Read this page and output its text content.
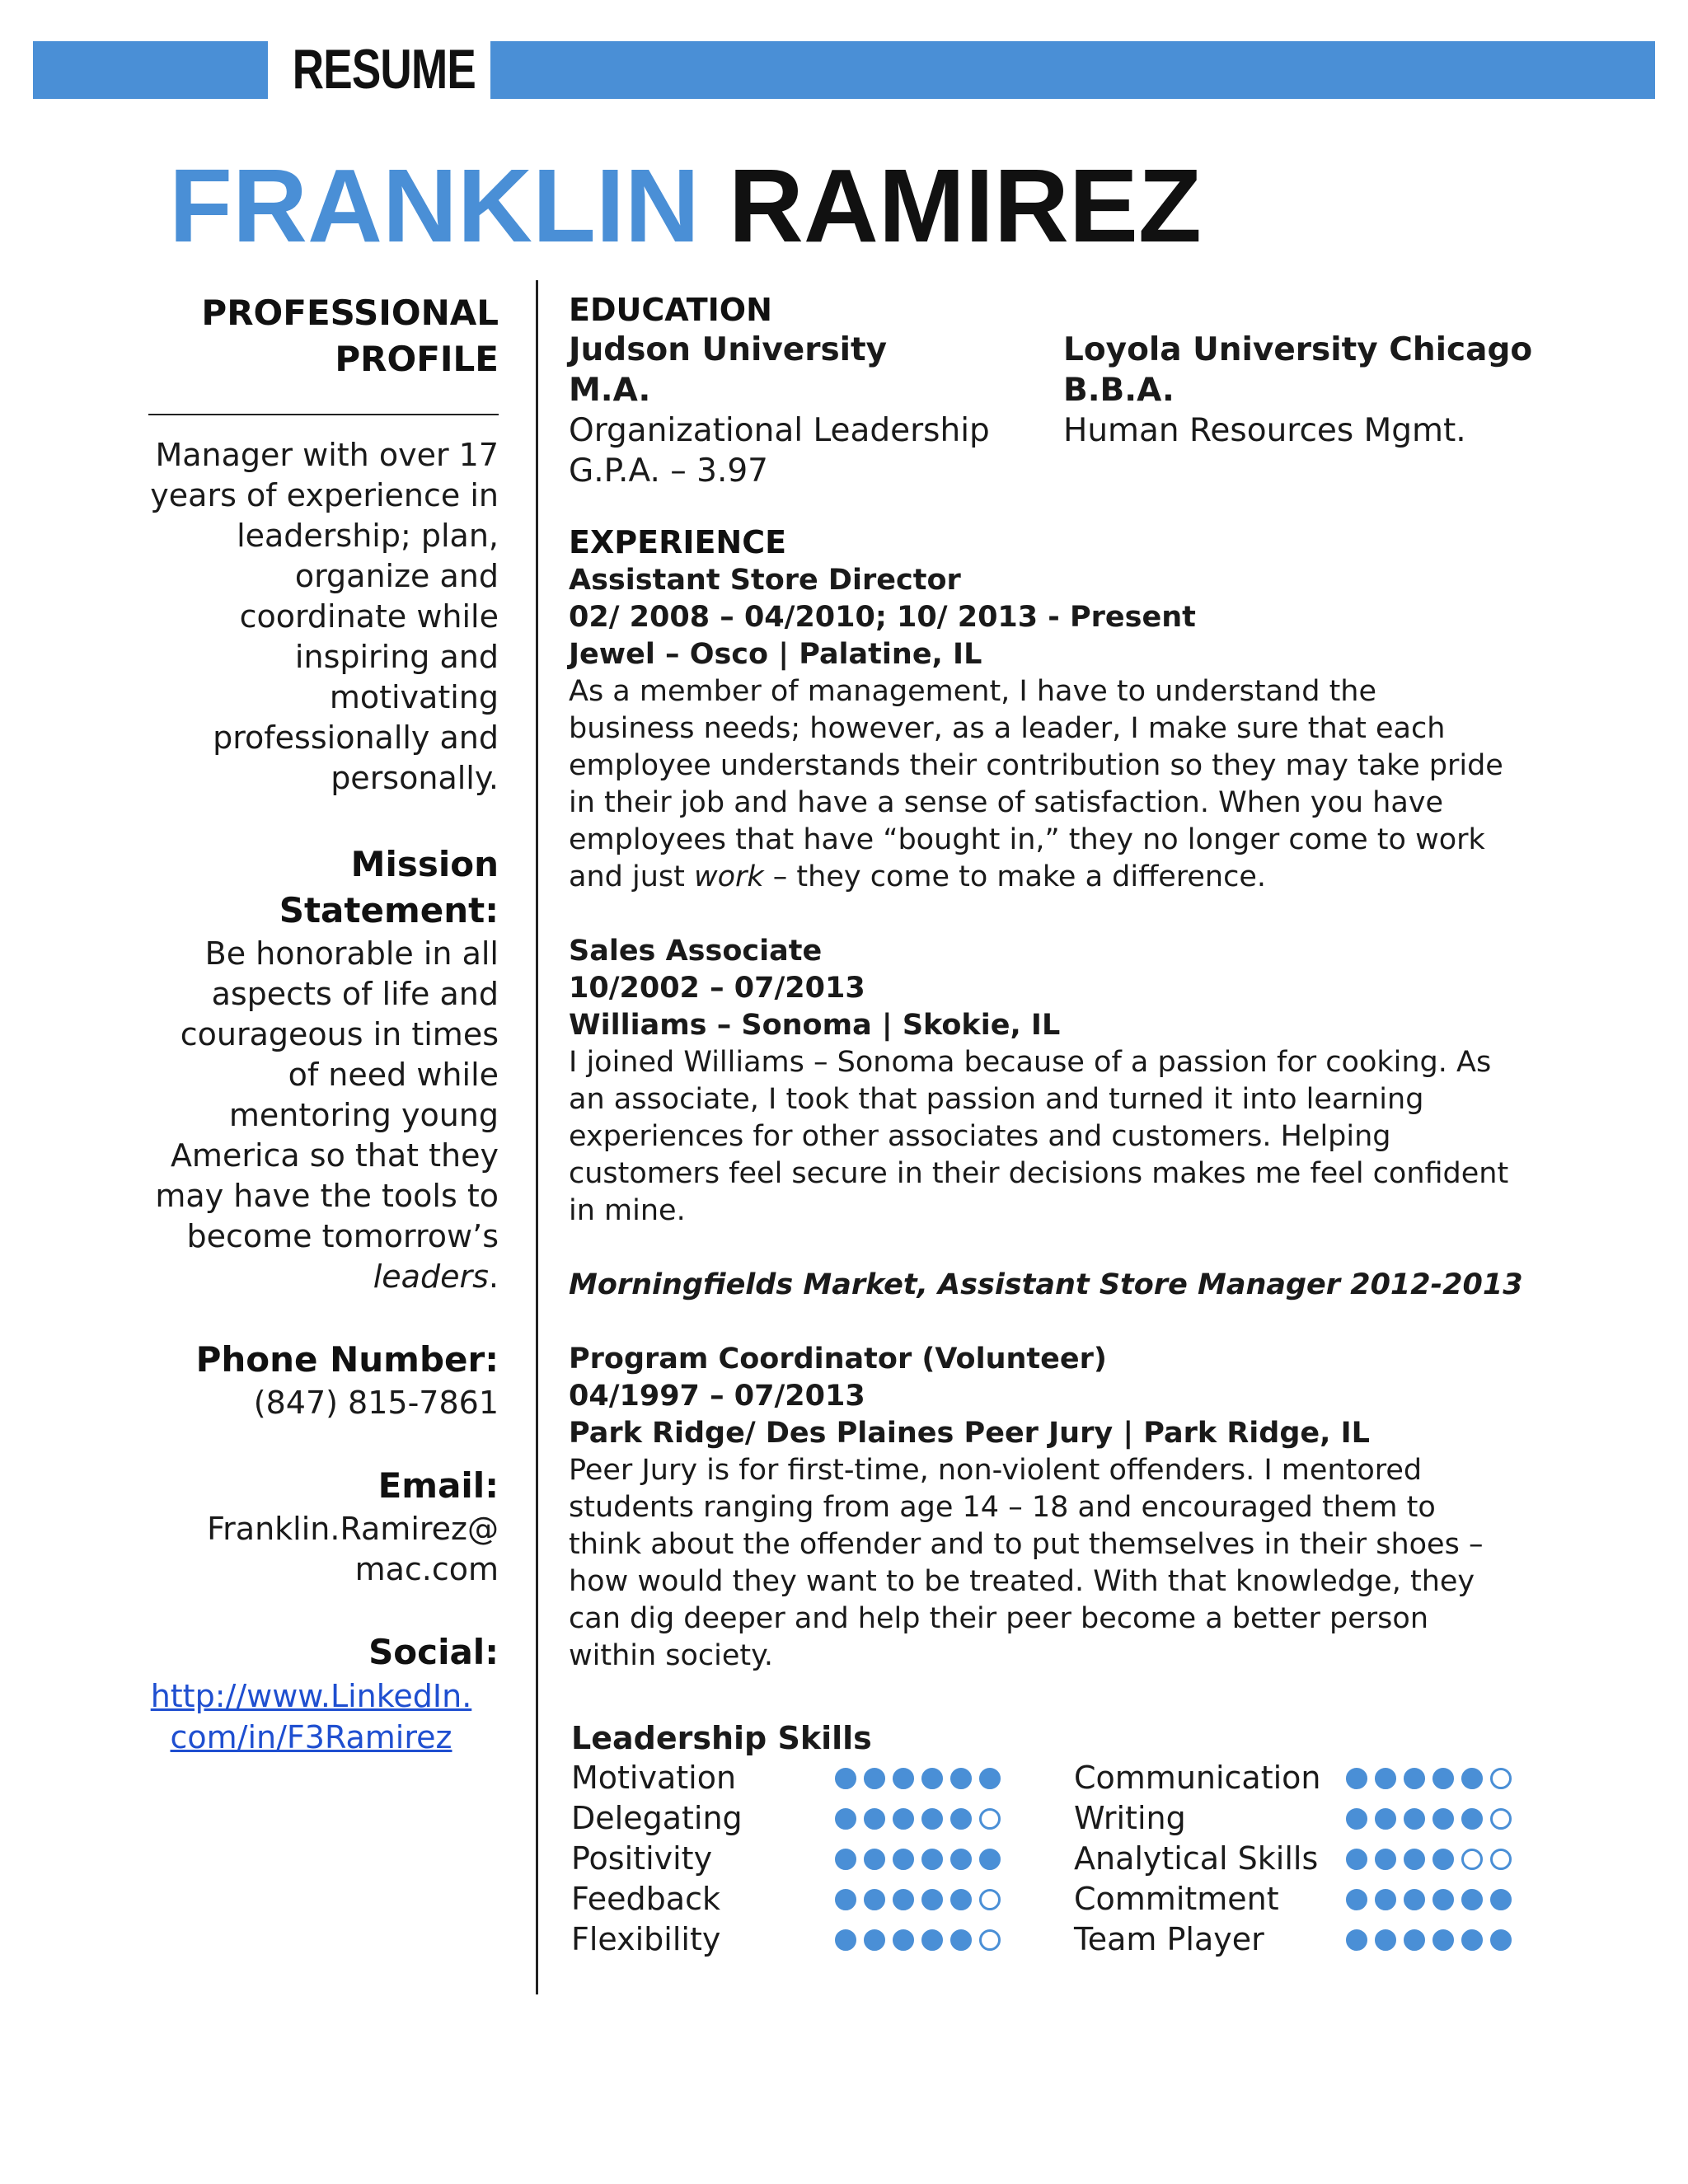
RESUME
FRANKLIN RAMIREZ
PROFESSIONAL
PROFILE
Manager with over 17
years of experience in
leadership; plan,
organize and
coordinate while
inspiring and
motivating
professionally and
personally.
Mission Statement:
Be honorable in all
aspects of life and
courageous in times
of need while
mentoring young
America so that they
may have the tools to
become tomorrow’s
leaders.
Phone Number:
(847) 815-7861
Email:
Franklin.Ramirez@
mac.com
Social:
http://www.LinkedIn.
com/in/F3Ramirez
EDUCATION
Judson University
M.A.
Organizational Leadership
G.P.A. – 3.97
Loyola University Chicago
B.B.A.
Human Resources Mgmt.
EXPERIENCE
Assistant Store Director
02/ 2008 – 04/2010; 10/ 2013 - Present
Jewel – Osco | Palatine, IL
As a member of management, I have to understand the
business needs; however, as a leader, I make sure that each
employee understands their contribution so they may take pride
in their job and have a sense of satisfaction. When you have
employees that have “bought in,” they no longer come to work
and just work – they come to make a difference.
Sales Associate
10/2002 – 07/2013
Williams – Sonoma | Skokie, IL
I joined Williams – Sonoma because of a passion for cooking. As
an associate, I took that passion and turned it into learning
experiences for other associates and customers. Helping
customers feel secure in their decisions makes me feel confident
in mine.
Morningfields Market, Assistant Store Manager 2012-2013
Program Coordinator (Volunteer)
04/1997 – 07/2013
Park Ridge/ Des Plaines Peer Jury | Park Ridge, IL
Peer Jury is for first-time, non-violent offenders. I mentored
students ranging from age 14 – 18 and encouraged them to
think about the offender and to put themselves in their shoes –
how would they want to be treated. With that knowledge, they
can dig deeper and help their peer become a better person
within society.
Leadership Skills
Motivation
Delegating
Positivity
Feedback
Flexibility
Communication
Writing
Analytical Skills
Commitment
Team Player
